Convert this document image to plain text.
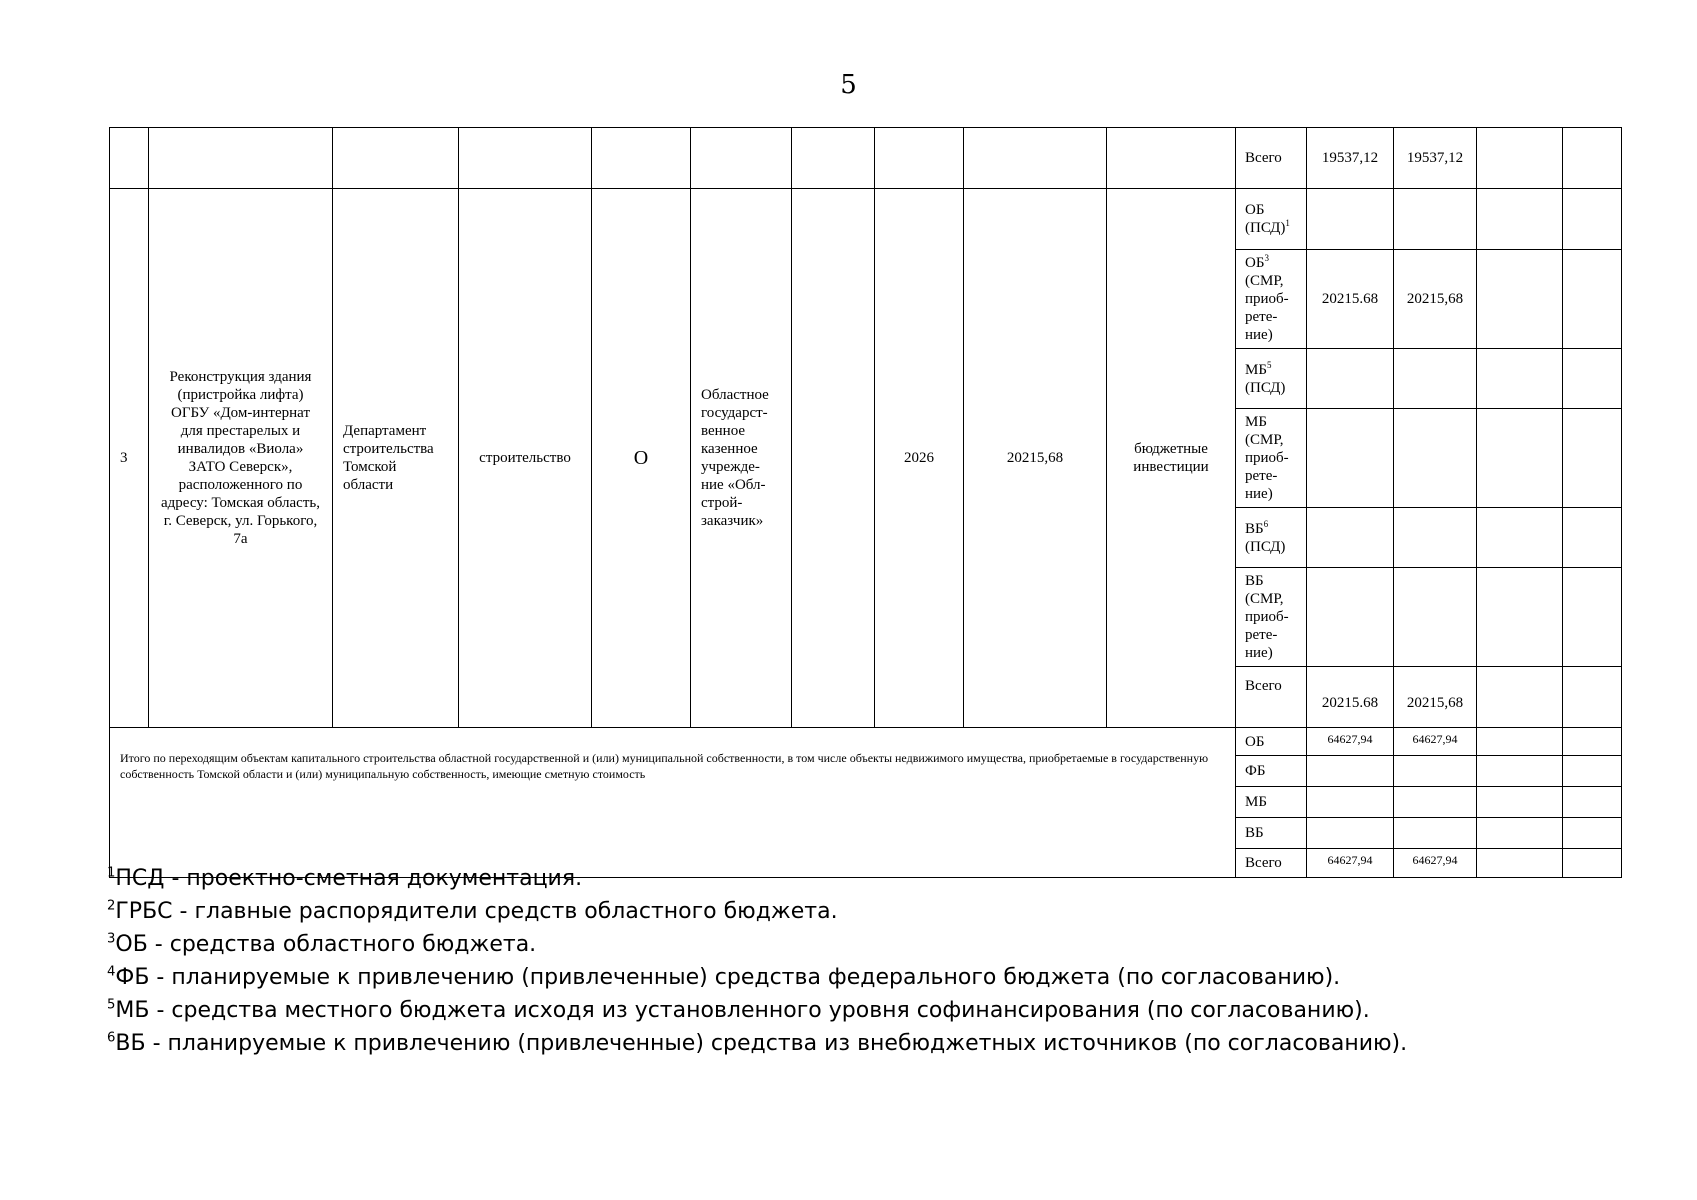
5
										Всего	19537,12	19537,12		
3	Реконструкция здания (пристройка лифта) ОГБУ «Дом-интернат для престарелых и инвалидов «Виола» ЗАТО Северск», расположенного по адресу: Томская область, г. Северск, ул. Горького, 7а	Департамент строительства Томской области	строительство	О	Областное государст-венное казенное учрежде-ние «Обл-строй-заказчик»		2026	20215,68	бюджетные инвестиции	ОБ (ПСД)$^1$				
										$ОБ^3$ (СМР, приоб-рете-ние)	20215.68	20215,68		
										$МБ^5$ (ПСД)				
										МБ (СМР, приоб-рете-ние)				
										$ВБ^6$ (ПСД)				
										ВБ (СМР, приоб-рете-ние)				
										Всего	20215.68	20215,68		
Итого по переходящим объектам капитального строительства областной государственной и (или) муниципальной собственности, в том числе объекты недвижимого имущества, приобретаемые в государственную собственность Томской области и (или) муниципальную собственность, имеющие сметную стоимость										ОБ	64627,94	64627,94		
										ФБ				
										МБ				
										ВБ				
										Всего	64627,94	64627,94		
$^1$ПСД - проектно-сметная документация.
$^2$ГРБС - главные распорядители средств областного бюджета.
$^3$ОБ - средства областного бюджета.
$^4$ФБ - планируемые к привлечению (привлеченные) средства федерального бюджета (по согласованию).
$^5$МБ - средства местного бюджета исходя из установленного уровня софинансирования (по согласованию).
$^6$ВБ - планируемые к привлечению (привлеченные) средства из внебюджетных источников (по согласованию).
